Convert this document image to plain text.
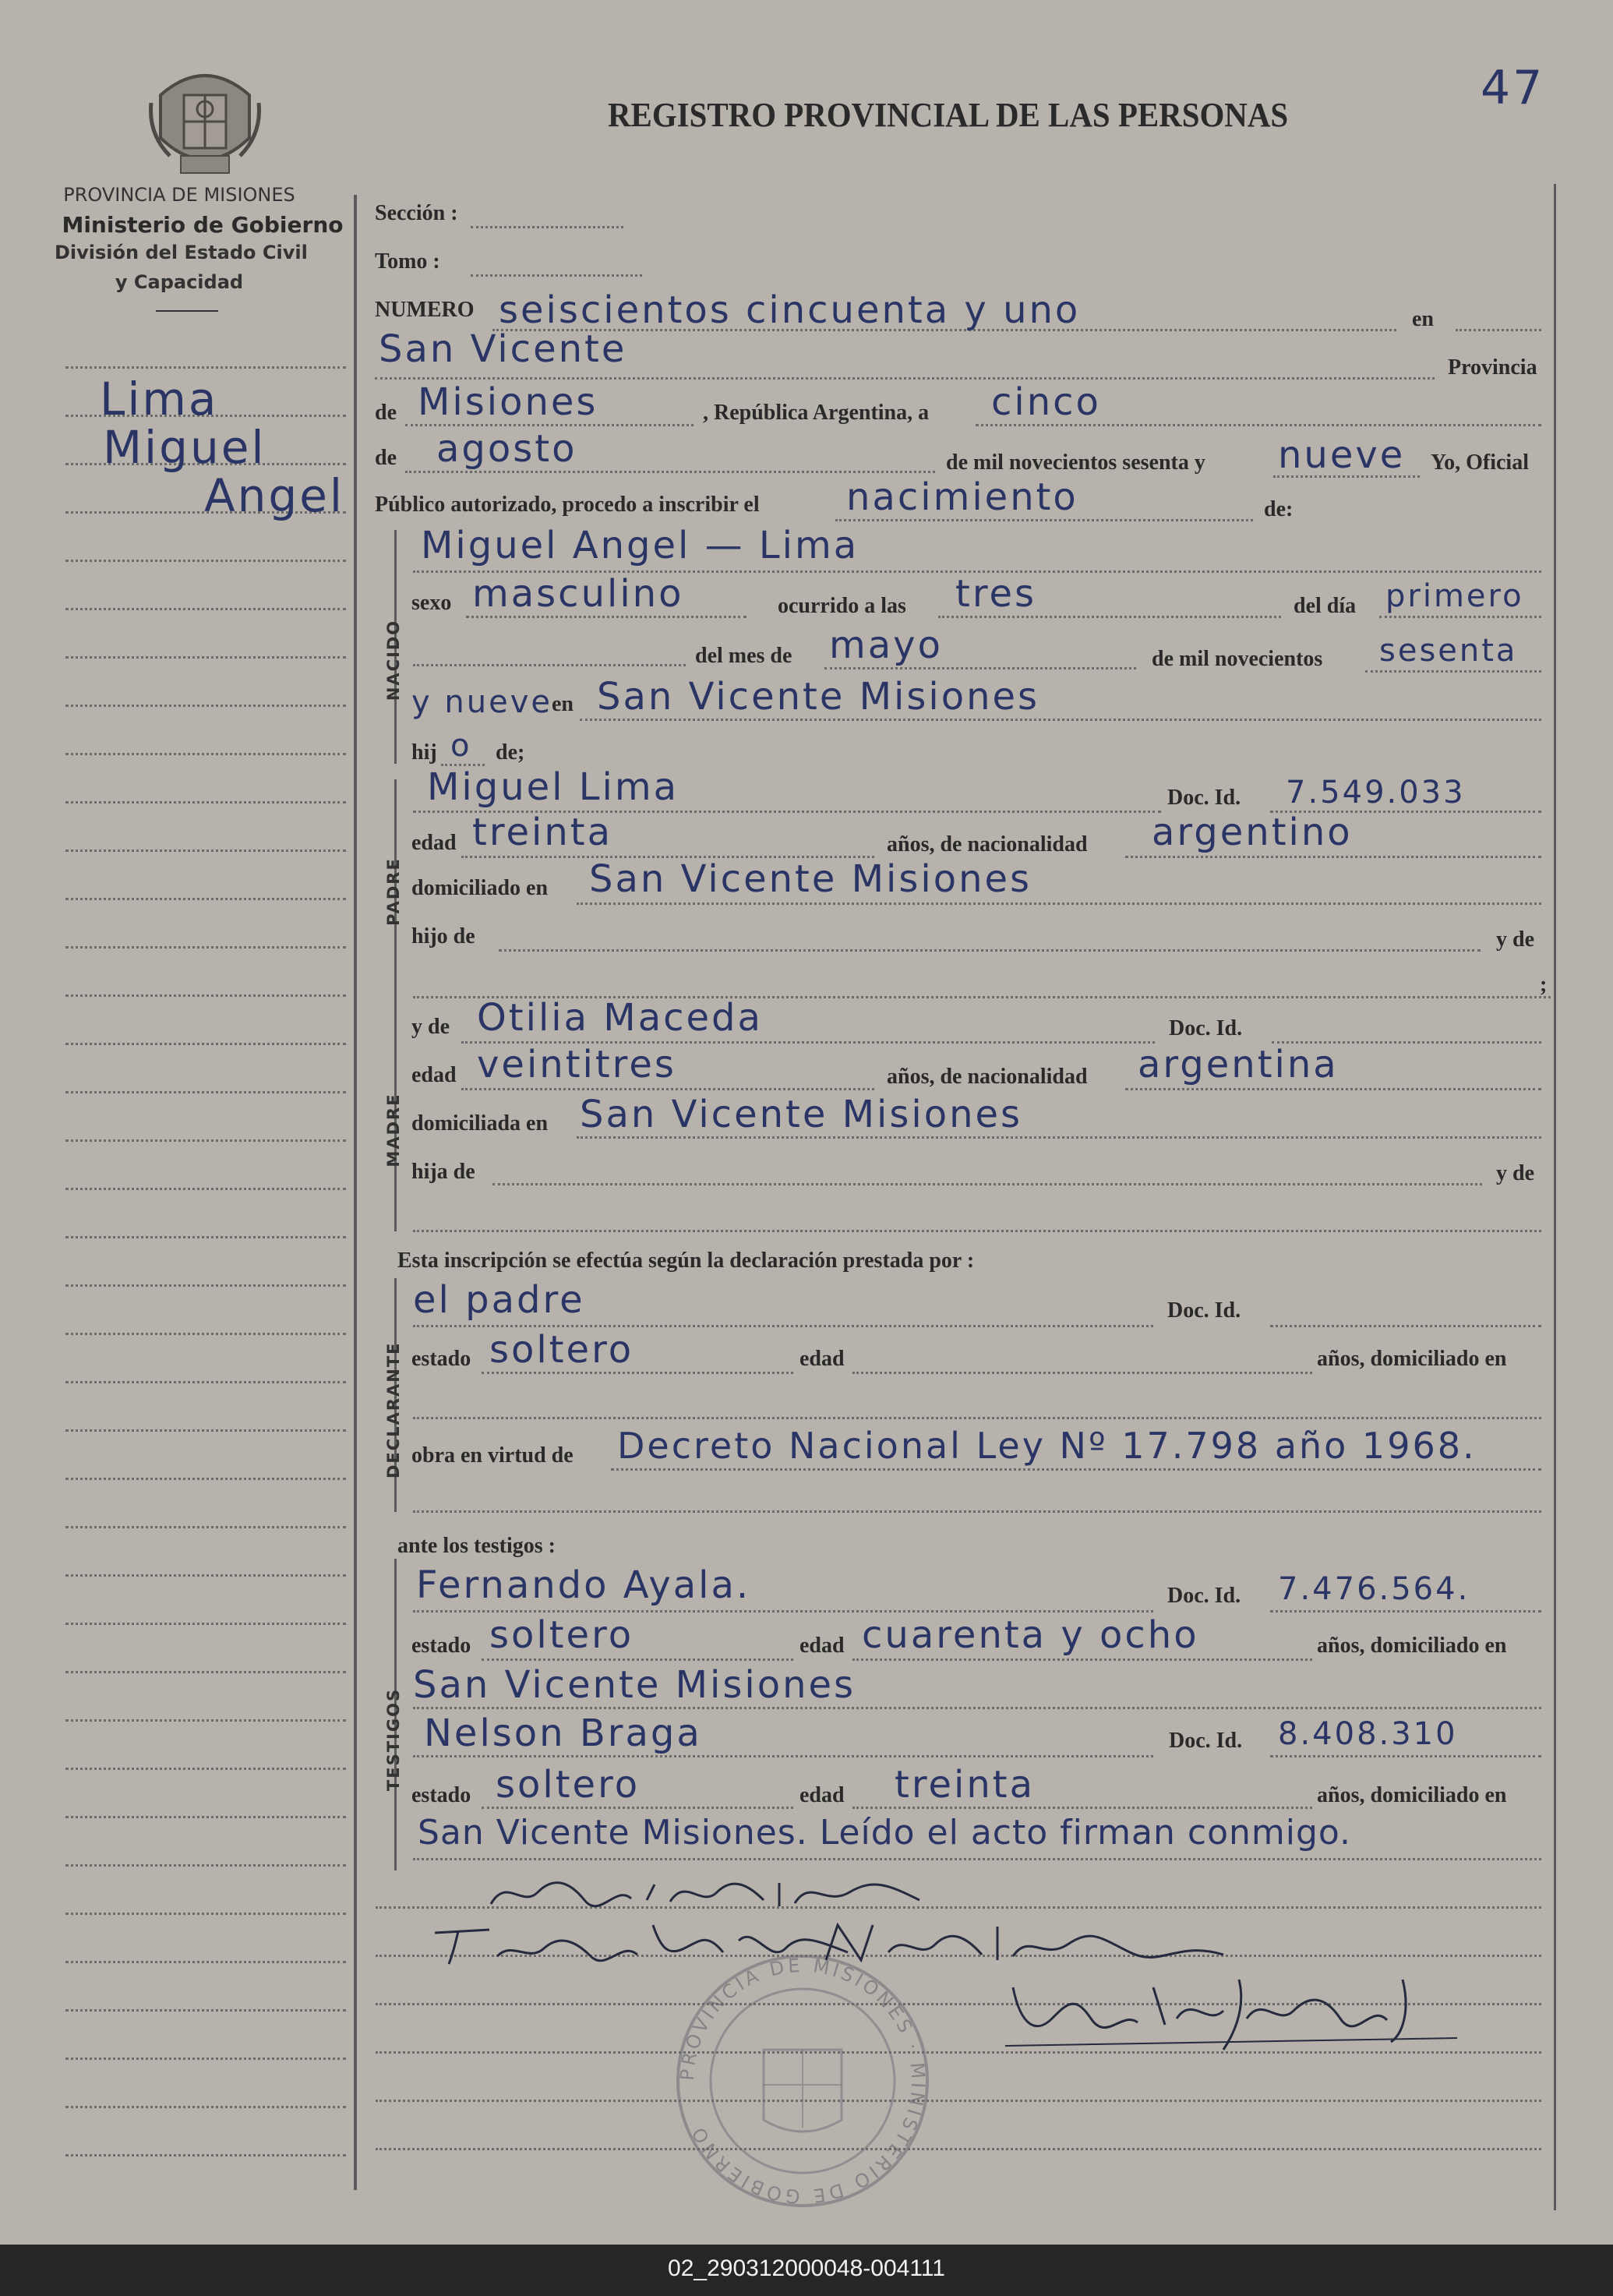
47
PROVINCIA DE MISIONES
Ministerio de Gobierno
División del Estado Civil
y Capacidad
REGISTRO PROVINCIAL DE LAS PERSONAS
Lima
Miguel
Angel
NACIDO
PADRE
MADRE
DECLARANTE
TESTIGOS
Sección :
Tomo :
NUMERO seiscientos cincuenta y uno	en
San Vicente	Provincia
de Misiones	, República Argentina, a cinco
de agosto	de mil novecientos sesenta y nueve Yo, Oficial
Público autorizado, procedo a inscribir el nacimiento	de:
Miguel Angel — Lima
sexo masculino	ocurrido a las tres	del día primero
del mes de mayo	de mil novecientos sesenta
y nueve en San Vicente Misiones
hij o de;
Miguel Lima	Doc. Id. 7.549.033
edad treinta	años, de nacionalidad argentino
domiciliado en San Vicente Misiones
hijo de	y de
;
y de Otilia Maceda	Doc. Id.
edad veintitres	años, de nacionalidad argentina
domiciliada en San Vicente Misiones
hija de	y de
Esta inscripción se efectúa según la declaración prestada por :
el padre	Doc. Id.
estado soltero	edad	años, domiciliado en
obra en virtud de Decreto Nacional Ley Nº 17.798 año 1968.
ante los testigos :
Fernando Ayala.	Doc. Id. 7.476.564.
estado soltero	edad cuarenta y ocho	años, domiciliado en
San Vicente Misiones
Nelson Braga	Doc. Id. 8.408.310
estado soltero	edad treinta	años, domiciliado en
San Vicente Misiones. Leído el acto firman conmigo.
PROVINCIA DE MISIONES · MINISTERIO DE GOBIERNO
02_290312000048-004111
